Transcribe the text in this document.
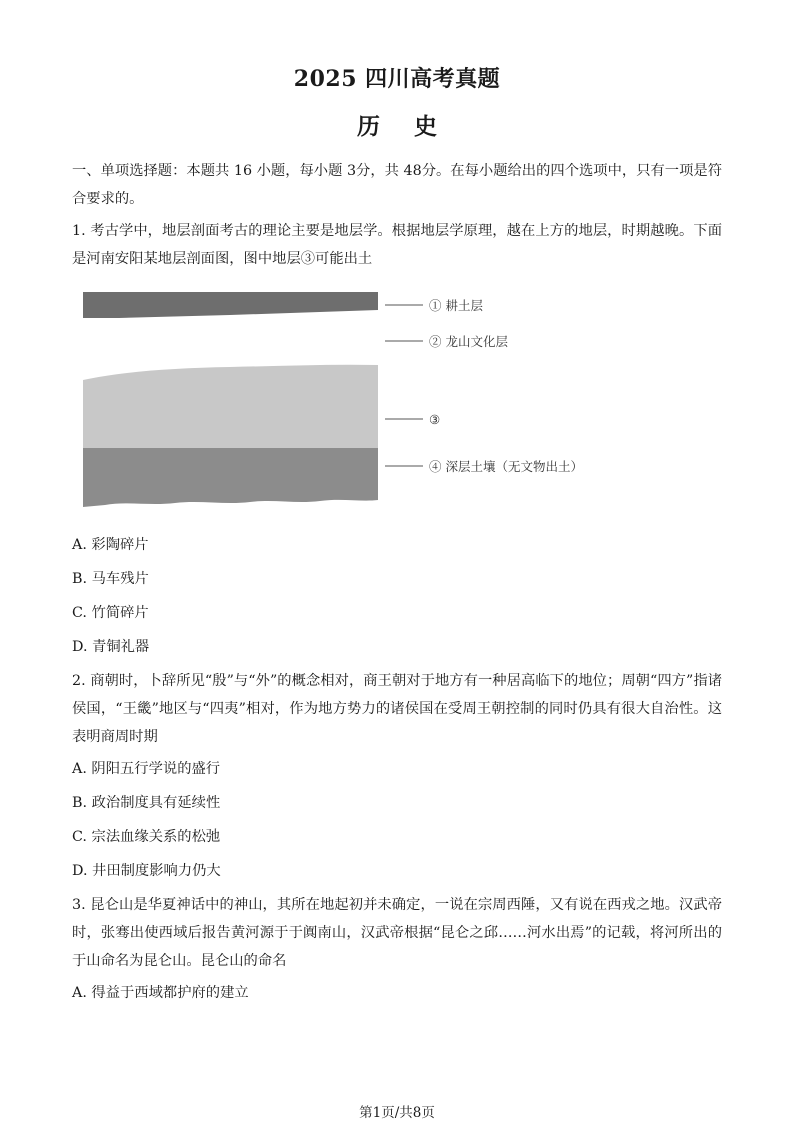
2025 四川高考真题
历史
一、单项选择题：本题共 16 小题，每小题 3分，共 48分。在每小题给出的四个选项中，只有一项是符合要求的。
1. 考古学中，地层剖面考古的理论主要是地层学。根据地层学原理，越在上方的地层，时期越晚。下面是河南安阳某地层剖面图，图中地层③可能出土
① 耕土层
② 龙山文化层
③
④ 深层土壤（无文物出土）
A. 彩陶碎片
B. 马车残片
C. 竹简碎片
D. 青铜礼器
2. 商朝时，卜辞所见“殷”与“外”的概念相对，商王朝对于地方有一种居高临下的地位；周朝“四方”指诸侯国，“王畿”地区与“四夷”相对，作为地方势力的诸侯国在受周王朝控制的同时仍具有很大自治性。这表明商周时期
A. 阴阳五行学说的盛行
B. 政治制度具有延续性
C. 宗法血缘关系的松弛
D. 井田制度影响力仍大
3. 昆仑山是华夏神话中的神山，其所在地起初并未确定，一说在宗周西陲，又有说在西戎之地。汉武帝时，张骞出使西域后报告黄河源于于阗南山，汉武帝根据“昆仑之邱……河水出焉”的记载，将河所出的于山命名为昆仑山。昆仑山的命名
A. 得益于西域都护府的建立
第1页/共8页
